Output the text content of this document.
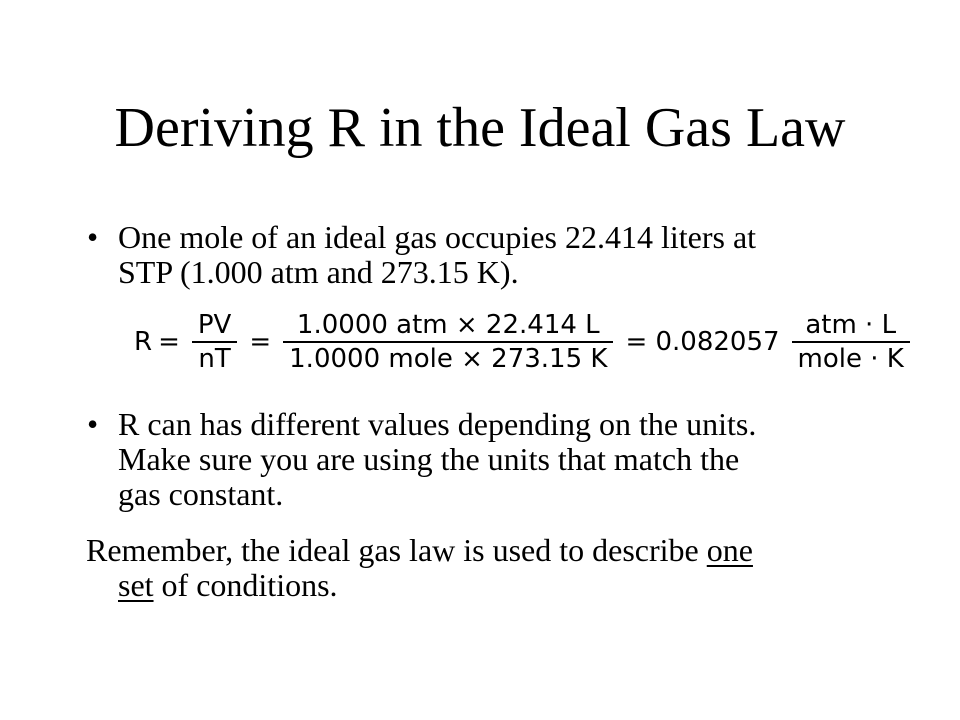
Deriving R in the Ideal Gas Law
• One mole of an ideal gas occupies 22.414 liters at
STP (1.000 atm and 273.15 K).
$R = \frac{PV}{nT} = \frac{\text{1.0000 atm × 22.414 L}}{\text{1.0000 mole × 273.15 K}} = 0.082057 \frac{\text{atm · L}}{\text{mole · K}}$
• R can has different values depending on the units.
Make sure you are using the units that match the
gas constant.
Remember, the ideal gas law is used to describe one
set of conditions.
